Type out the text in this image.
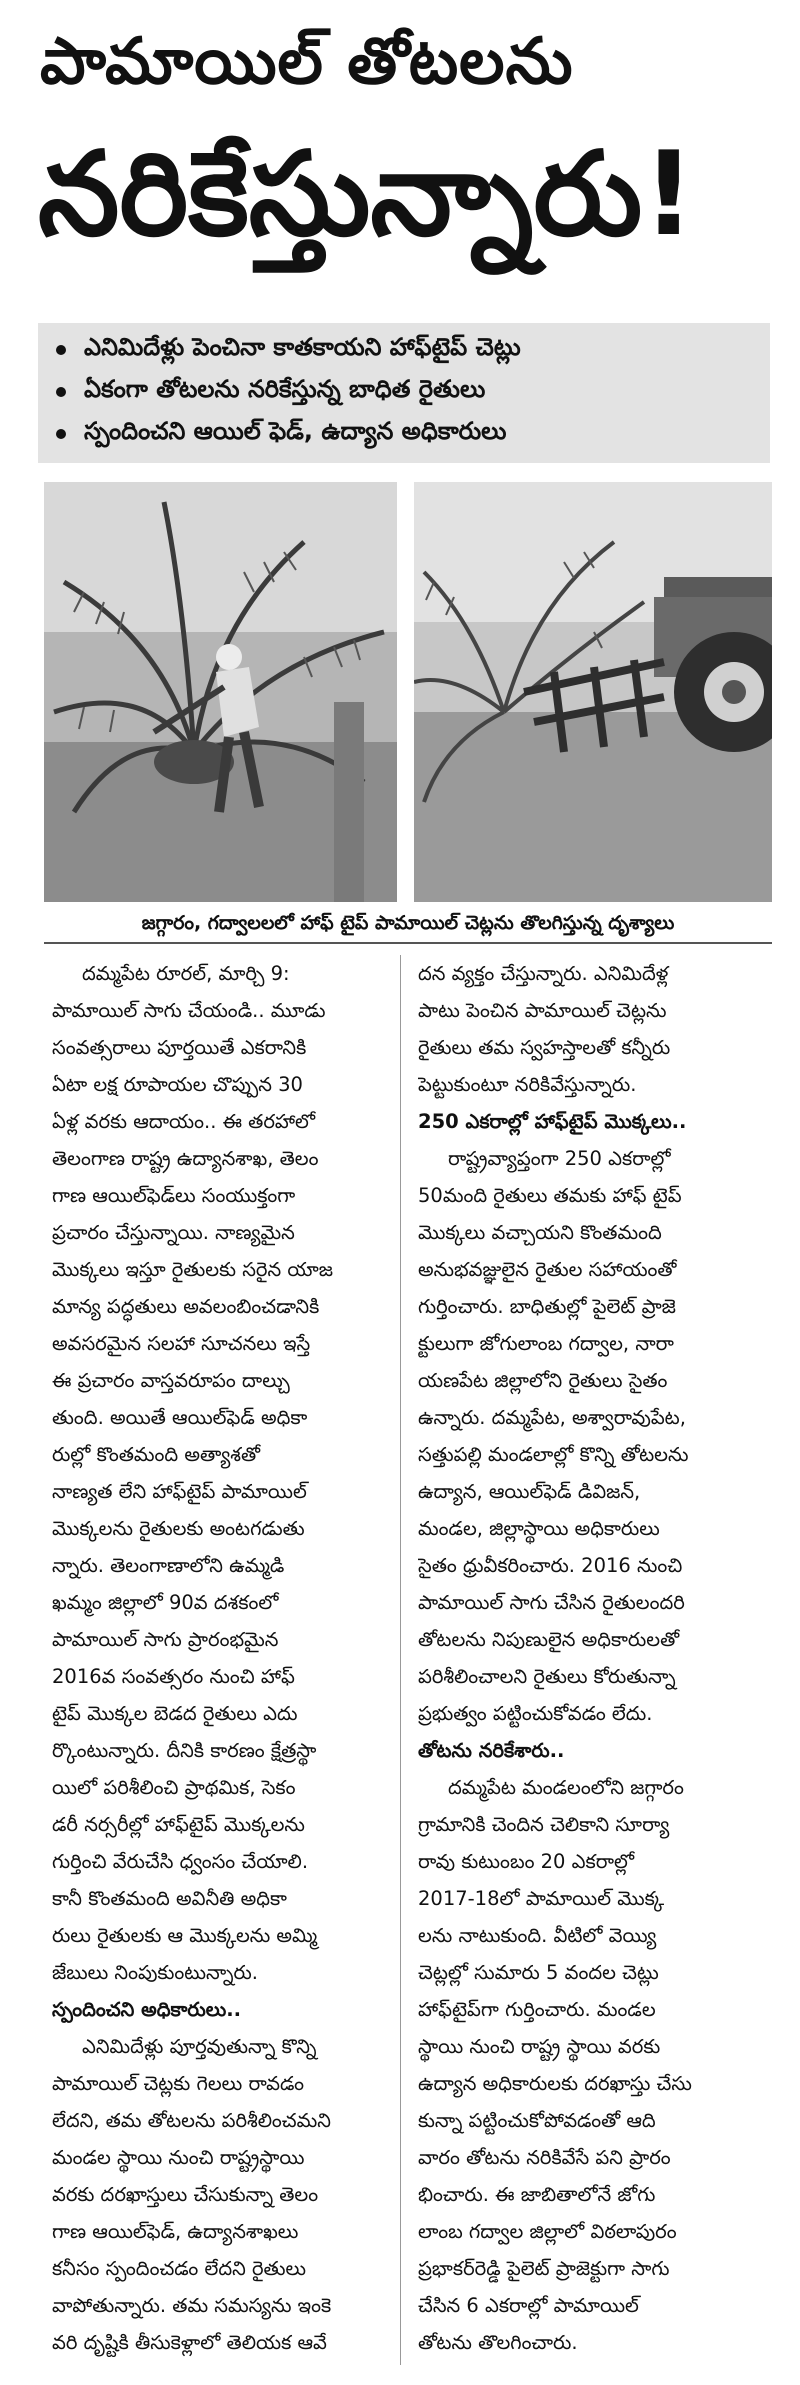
పామాయిల్ తోటలను
నరికేస్తున్నారు!
ఎనిమిదేళ్లు పెంచినా కాతకాయని హాఫ్‌టైప్ చెట్లు
ఏకంగా తోటలను నరికేస్తున్న బాధిత రైతులు
స్పందించని ఆయిల్ ఫెడ్, ఉద్యాన అధికారులు
జగ్గారం, గద్వాలలలో హాఫ్ టైప్ పామాయిల్ చెట్లను తొలగిస్తున్న దృశ్యాలు
దమ్మపేట రూరల్, మార్చి 9:
పామాయిల్ సాగు చేయండి.. మూడు
సంవత్సరాలు పూర్తయితే ఎకరానికి
ఏటా లక్ష రూపాయల చొప్పున 30
ఏళ్ల వరకు ఆదాయం.. ఈ తరహాలో
తెలంగాణ రాష్ట్ర ఉద్యానశాఖ, తెలం
గాణ ఆయిల్‌ఫెడ్‌లు సంయుక్తంగా
ప్రచారం చేస్తున్నాయి. నాణ్యమైన
మొక్కలు ఇస్తూ రైతులకు సరైన యాజ
మాన్య పద్ధతులు అవలంబించడానికి
అవసరమైన సలహా సూచనలు ఇస్తే
ఈ ప్రచారం వాస్తవరూపం దాల్చు
తుంది. అయితే ఆయిల్‌ఫెడ్ అధికా
రుల్లో కొంతమంది అత్యాశతో
నాణ్యత లేని హాఫ్‌టైప్ పామాయిల్
మొక్కలను రైతులకు అంటగడుతు
న్నారు. తెలంగాణాలోని ఉమ్మడి
ఖమ్మం జిల్లాలో 90వ దశకంలో
పామాయిల్ సాగు ప్రారంభమైన
2016వ సంవత్సరం నుంచి హాఫ్
టైప్ మొక్కల బెడద రైతులు ఎదు
ర్కొంటున్నారు. దీనికి కారణం క్షేత్రస్థా
యిలో పరిశీలించి ప్రాథమిక, సెకం
డరీ నర్సరీల్లో హాఫ్‌టైప్ మొక్కలను
గుర్తించి వేరుచేసి ధ్వంసం చేయాలి.
కానీ కొంతమంది అవినీతి అధికా
రులు రైతులకు ఆ మొక్కలను అమ్మి
జేబులు నింపుకుంటున్నారు.
స్పందించని అధికారులు..
ఎనిమిదేళ్లు పూర్తవుతున్నా కొన్ని
పామాయిల్ చెట్లకు గెలలు రావడం
లేదని, తమ తోటలను పరిశీలించమని
మండల స్థాయి నుంచి రాష్ట్రస్థాయి
వరకు దరఖాస్తులు చేసుకున్నా తెలం
గాణ ఆయిల్‌ఫెడ్, ఉద్యానశాఖలు
కనీసం స్పందించడం లేదని రైతులు
వాపోతున్నారు. తమ సమస్యను ఇంకె
వరి దృష్టికి తీసుకెళ్లాలో తెలియక ఆవే
దన వ్యక్తం చేస్తున్నారు. ఎనిమిదేళ్ల
పాటు పెంచిన పామాయిల్ చెట్లను
రైతులు తమ స్వహస్తాలతో కన్నీరు
పెట్టుకుంటూ నరికివేస్తున్నారు.
250 ఎకరాల్లో హాఫ్‌టైప్ మొక్కలు..
రాష్ట్రవ్యాప్తంగా 250 ఎకరాల్లో
50మంది రైతులు తమకు హాఫ్ టైప్
మొక్కలు వచ్చాయని కొంతమంది
అనుభవజ్ఞులైన రైతుల సహాయంతో
గుర్తించారు. బాధితుల్లో పైలెట్ ప్రాజె
క్టులుగా జోగులాంబ గద్వాల, నారా
యణపేట జిల్లాలోని రైతులు సైతం
ఉన్నారు. దమ్మపేట, అశ్వారావుపేట,
సత్తుపల్లి మండలాల్లో కొన్ని తోటలను
ఉద్యాన, ఆయిల్‌ఫెడ్ డివిజన్,
మండల, జిల్లాస్థాయి అధికారులు
సైతం ధ్రువీకరించారు. 2016 నుంచి
పామాయిల్ సాగు చేసిన రైతులందరి
తోటలను నిపుణులైన అధికారులతో
పరిశీలించాలని రైతులు కోరుతున్నా
ప్రభుత్వం పట్టించుకోవడం లేదు.
తోటను నరికేశారు..
దమ్మపేట మండలంలోని జగ్గారం
గ్రామానికి చెందిన చెలికాని సూర్యా
రావు కుటుంబం 20 ఎకరాల్లో
2017-18లో పామాయిల్ మొక్క
లను నాటుకుంది. వీటిలో వెయ్యి
చెట్లల్లో సుమారు 5 వందల చెట్లు
హాఫ్‌టైప్‌గా గుర్తించారు. మండల
స్థాయి నుంచి రాష్ట్ర స్థాయి వరకు
ఉద్యాన అధికారులకు దరఖాస్తు చేసు
కున్నా పట్టించుకోపోవడంతో ఆది
వారం తోటను నరికివేసే పని ప్రారం
భించారు. ఈ జాబితాలోనే జోగు
లాంబ గద్వాల జిల్లాలో విఠలాపురం
ప్రభాకర్‌రెడ్డి పైలెట్ ప్రాజెక్టుగా సాగు
చేసిన 6 ఎకరాల్లో పామాయిల్
తోటను తొలగించారు.
